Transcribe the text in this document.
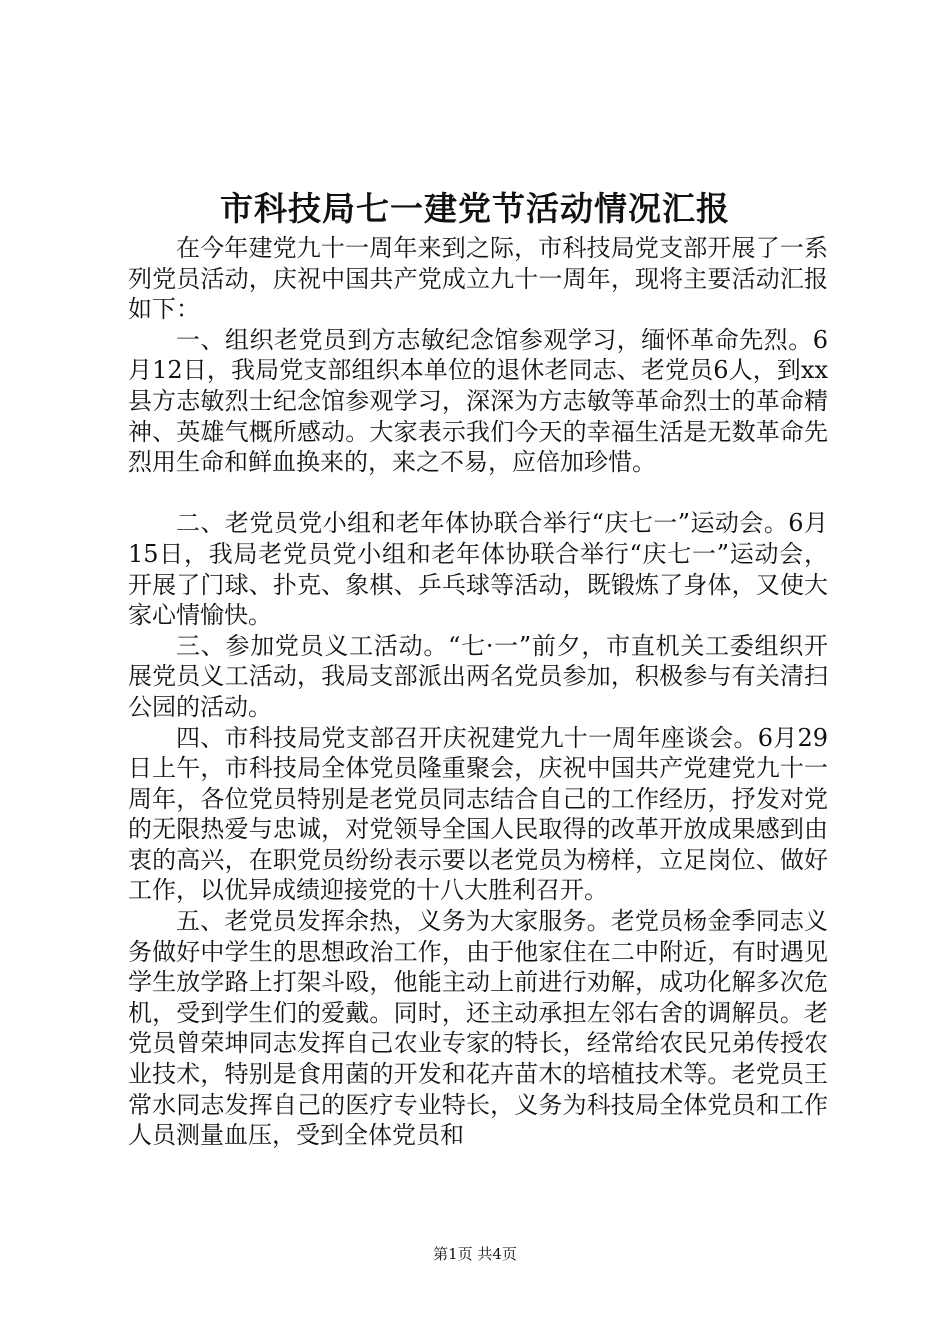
市科技局七一建党节活动情况汇报

在今年建党九十一周年来到之际，市科技局党支部开展了一系列党员活动，庆祝中国共产党成立九十一周年，现将主要活动汇报如下：

一、组织老党员到方志敏纪念馆参观学习，缅怀革命先烈。6月12日，我局党支部组织本单位的退休老同志、老党员6人，到xx县方志敏烈士纪念馆参观学习，深深为方志敏等革命烈士的革命精神、英雄气概所感动。大家表示我们今天的幸福生活是无数革命先烈用生命和鲜血换来的，来之不易，应倍加珍惜。

二、老党员党小组和老年体协联合举行“庆七一”运动会。6月15日，我局老党员党小组和老年体协联合举行“庆七一”运动会，开展了门球、扑克、象棋、乒乓球等活动，既锻炼了身体，又使大家心情愉快。

三、参加党员义工活动。“七·一”前夕，市直机关工委组织开展党员义工活动，我局支部派出两名党员参加，积极参与有关清扫公园的活动。

四、市科技局党支部召开庆祝建党九十一周年座谈会。6月29日上午，市科技局全体党员隆重聚会，庆祝中国共产党建党九十一周年，各位党员特别是老党员同志结合自己的工作经历，抒发对党的无限热爱与忠诚，对党领导全国人民取得的改革开放成果感到由衷的高兴，在职党员纷纷表示要以老党员为榜样，立足岗位、做好工作，以优异成绩迎接党的十八大胜利召开。

五、老党员发挥余热，义务为大家服务。老党员杨金季同志义务做好中学生的思想政治工作，由于他家住在二中附近，有时遇见学生放学路上打架斗殴，他能主动上前进行劝解，成功化解多次危机，受到学生们的爱戴。同时，还主动承担左邻右舍的调解员。老党员曾荣坤同志发挥自己农业专家的特长，经常给农民兄弟传授农业技术，特别是食用菌的开发和花卉苗木的培植技术等。老党员王常水同志发挥自己的医疗专业特长，义务为科技局全体党员和工作人员测量血压，受到全体党员和

第1页 共4页
